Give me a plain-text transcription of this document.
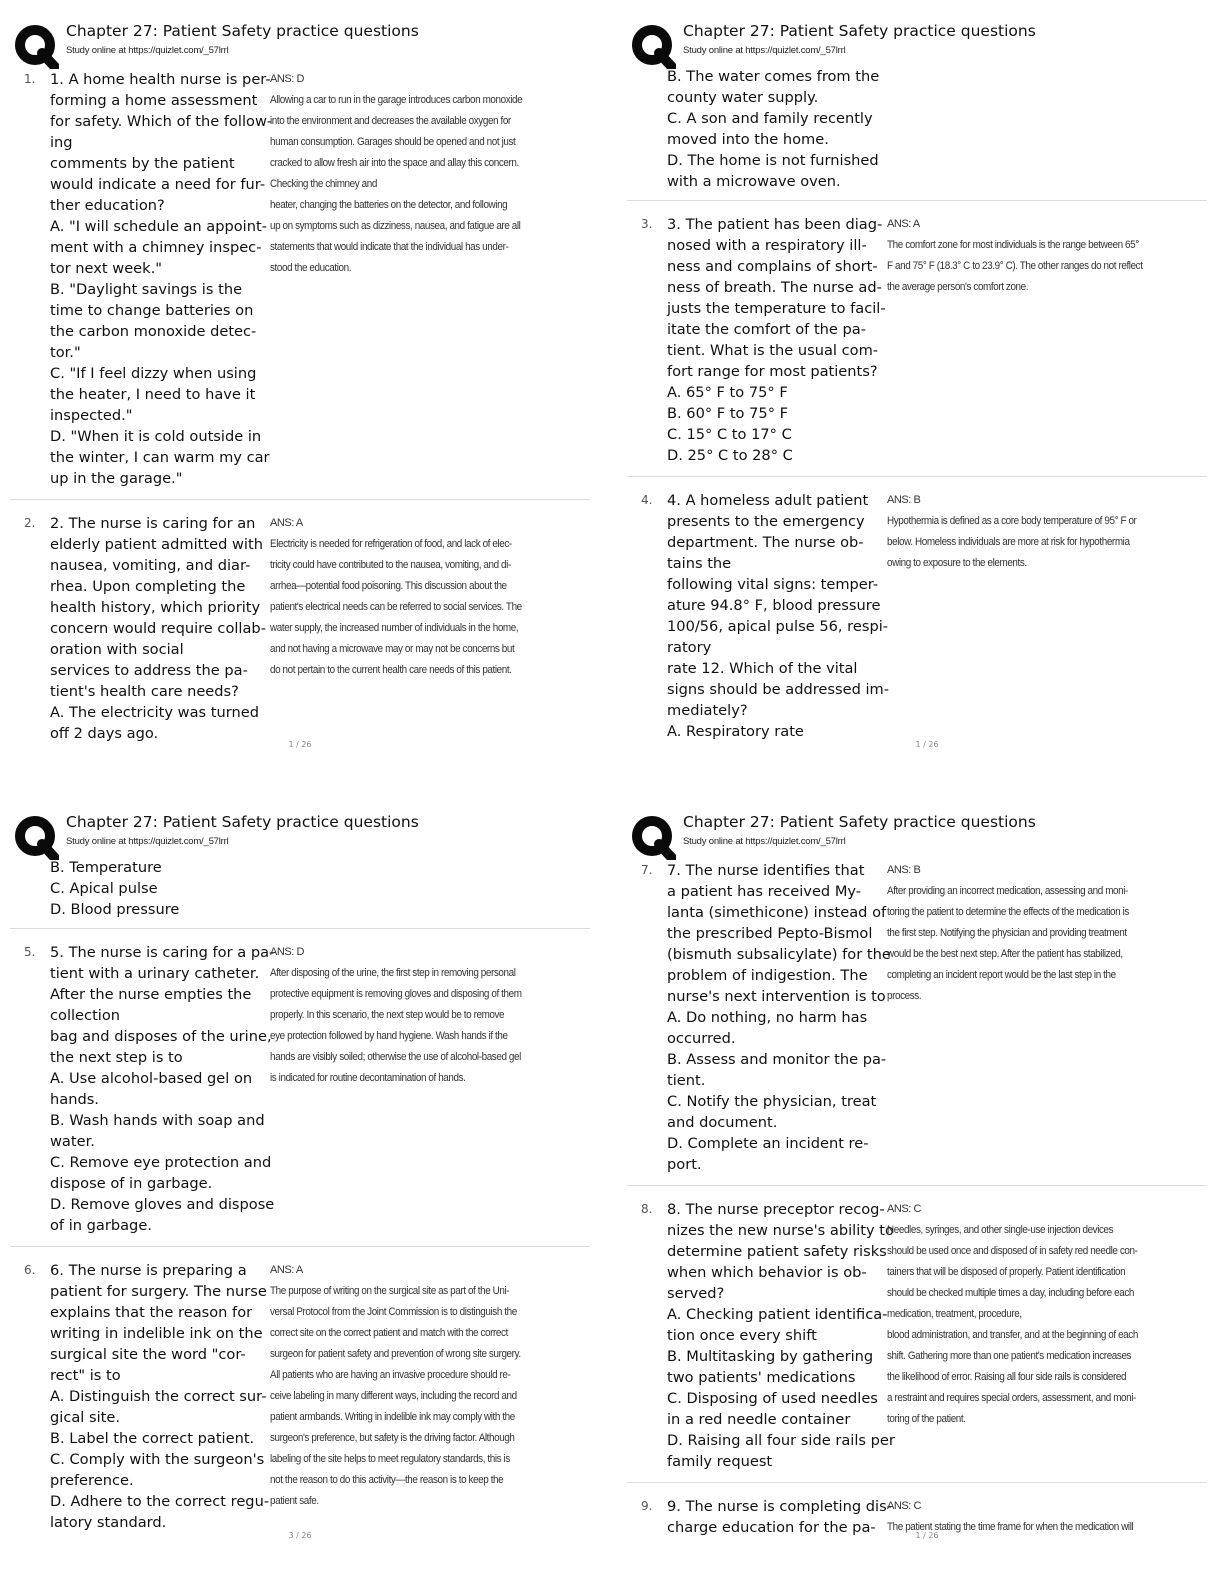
Chapter 27: Patient Safety practice questions
Study online at https://quizlet.com/_57lrrl
1. 1. A home health nurse is per-
forming a home assessment
for safety. Which of the follow-
ing
comments by the patient
would indicate a need for fur-
ther education?
A. "I will schedule an appoint-
ment with a chimney inspec-
tor next week."
B. "Daylight savings is the
time to change batteries on
the carbon monoxide detec-
tor."
C. "If I feel dizzy when using
the heater, I need to have it
inspected."
D. "When it is cold outside in
the winter, I can warm my car
up in the garage."
ANS: D
Allowing a car to run in the garage introduces carbon monoxide
into the environment and decreases the available oxygen for
human consumption. Garages should be opened and not just
cracked to allow fresh air into the space and allay this concern.
Checking the chimney and
heater, changing the batteries on the detector, and following
up on symptoms such as dizziness, nausea, and fatigue are all
statements that would indicate that the individual has under-
stood the education.
2. 2. The nurse is caring for an
elderly patient admitted with
nausea, vomiting, and diar-
rhea. Upon completing the
health history, which priority
concern would require collab-
oration with social
services to address the pa-
tient's health care needs?
A. The electricity was turned
off 2 days ago.
ANS: A
Electricity is needed for refrigeration of food, and lack of elec-
tricity could have contributed to the nausea, vomiting, and di-
arrhea—potential food poisoning. This discussion about the
patient's electrical needs can be referred to social services. The
water supply, the increased number of individuals in the home,
and not having a microwave may or may not be concerns but
do not pertain to the current health care needs of this patient.
1 / 26
Chapter 27: Patient Safety practice questions
Study online at https://quizlet.com/_57lrrl
B. The water comes from the
county water supply.
C. A son and family recently
moved into the home.
D. The home is not furnished
with a microwave oven.
3. 3. The patient has been diag-
nosed with a respiratory ill-
ness and complains of short-
ness of breath. The nurse ad-
justs the temperature to facil-
itate the comfort of the pa-
tient. What is the usual com-
fort range for most patients?
A. 65° F to 75° F
B. 60° F to 75° F
C. 15° C to 17° C
D. 25° C to 28° C
ANS: A
The comfort zone for most individuals is the range between 65°
F and 75° F (18.3° C to 23.9° C). The other ranges do not reflect
the average person's comfort zone.
4. 4. A homeless adult patient
presents to the emergency
department. The nurse ob-
tains the
following vital signs: temper-
ature 94.8° F, blood pressure
100/56, apical pulse 56, respi-
ratory
rate 12. Which of the vital
signs should be addressed im-
mediately?
A. Respiratory rate
ANS: B
Hypothermia is defined as a core body temperature of 95° F or
below. Homeless individuals are more at risk for hypothermia
owing to exposure to the elements.
1 / 26
Chapter 27: Patient Safety practice questions
Study online at https://quizlet.com/_57lrrl
B. Temperature
C. Apical pulse
D. Blood pressure
5. 5. The nurse is caring for a pa-
tient with a urinary catheter.
After the nurse empties the
collection
bag and disposes of the urine,
the next step is to
A. Use alcohol-based gel on
hands.
B. Wash hands with soap and
water.
C. Remove eye protection and
dispose of in garbage.
D. Remove gloves and dispose
of in garbage.
ANS: D
After disposing of the urine, the first step in removing personal
protective equipment is removing gloves and disposing of them
properly. In this scenario, the next step would be to remove
eye protection followed by hand hygiene. Wash hands if the
hands are visibly soiled; otherwise the use of alcohol-based gel
is indicated for routine decontamination of hands.
6. 6. The nurse is preparing a
patient for surgery. The nurse
explains that the reason for
writing in indelible ink on the
surgical site the word "cor-
rect" is to
A. Distinguish the correct sur-
gical site.
B. Label the correct patient.
C. Comply with the surgeon's
preference.
D. Adhere to the correct regu-
latory standard.
ANS: A
The purpose of writing on the surgical site as part of the Uni-
versal Protocol from the Joint Commission is to distinguish the
correct site on the correct patient and match with the correct
surgeon for patient safety and prevention of wrong site surgery.
All patients who are having an invasive procedure should re-
ceive labeling in many different ways, including the record and
patient armbands. Writing in indelible ink may comply with the
surgeon's preference, but safety is the driving factor. Although
labeling of the site helps to meet regulatory standards, this is
not the reason to do this activity—the reason is to keep the
patient safe.
3 / 26
Chapter 27: Patient Safety practice questions
Study online at https://quizlet.com/_57lrrl
7. 7. The nurse identifies that
a patient has received My-
lanta (simethicone) instead of
the prescribed Pepto-Bismol
(bismuth subsalicylate) for the
problem of indigestion. The
nurse's next intervention is to
A. Do nothing, no harm has
occurred.
B. Assess and monitor the pa-
tient.
C. Notify the physician, treat
and document.
D. Complete an incident re-
port.
ANS: B
After providing an incorrect medication, assessing and moni-
toring the patient to determine the effects of the medication is
the first step. Notifying the physician and providing treatment
would be the best next step. After the patient has stabilized,
completing an incident report would be the last step in the
process.
8. 8. The nurse preceptor recog-
nizes the new nurse's ability to
determine patient safety risks
when which behavior is ob-
served?
A. Checking patient identifica-
tion once every shift
B. Multitasking by gathering
two patients' medications
C. Disposing of used needles
in a red needle container
D. Raising all four side rails per
family request
ANS: C
Needles, syringes, and other single-use injection devices
should be used once and disposed of in safety red needle con-
tainers that will be disposed of properly. Patient identification
should be checked multiple times a day, including before each
medication, treatment, procedure,
blood administration, and transfer, and at the beginning of each
shift. Gathering more than one patient's medication increases
the likelihood of error. Raising all four side rails is considered
a restraint and requires special orders, assessment, and moni-
toring of the patient.
9. 9. The nurse is completing dis-
charge education for the pa-
ANS: C
The patient stating the time frame for when the medication will
1 / 26
